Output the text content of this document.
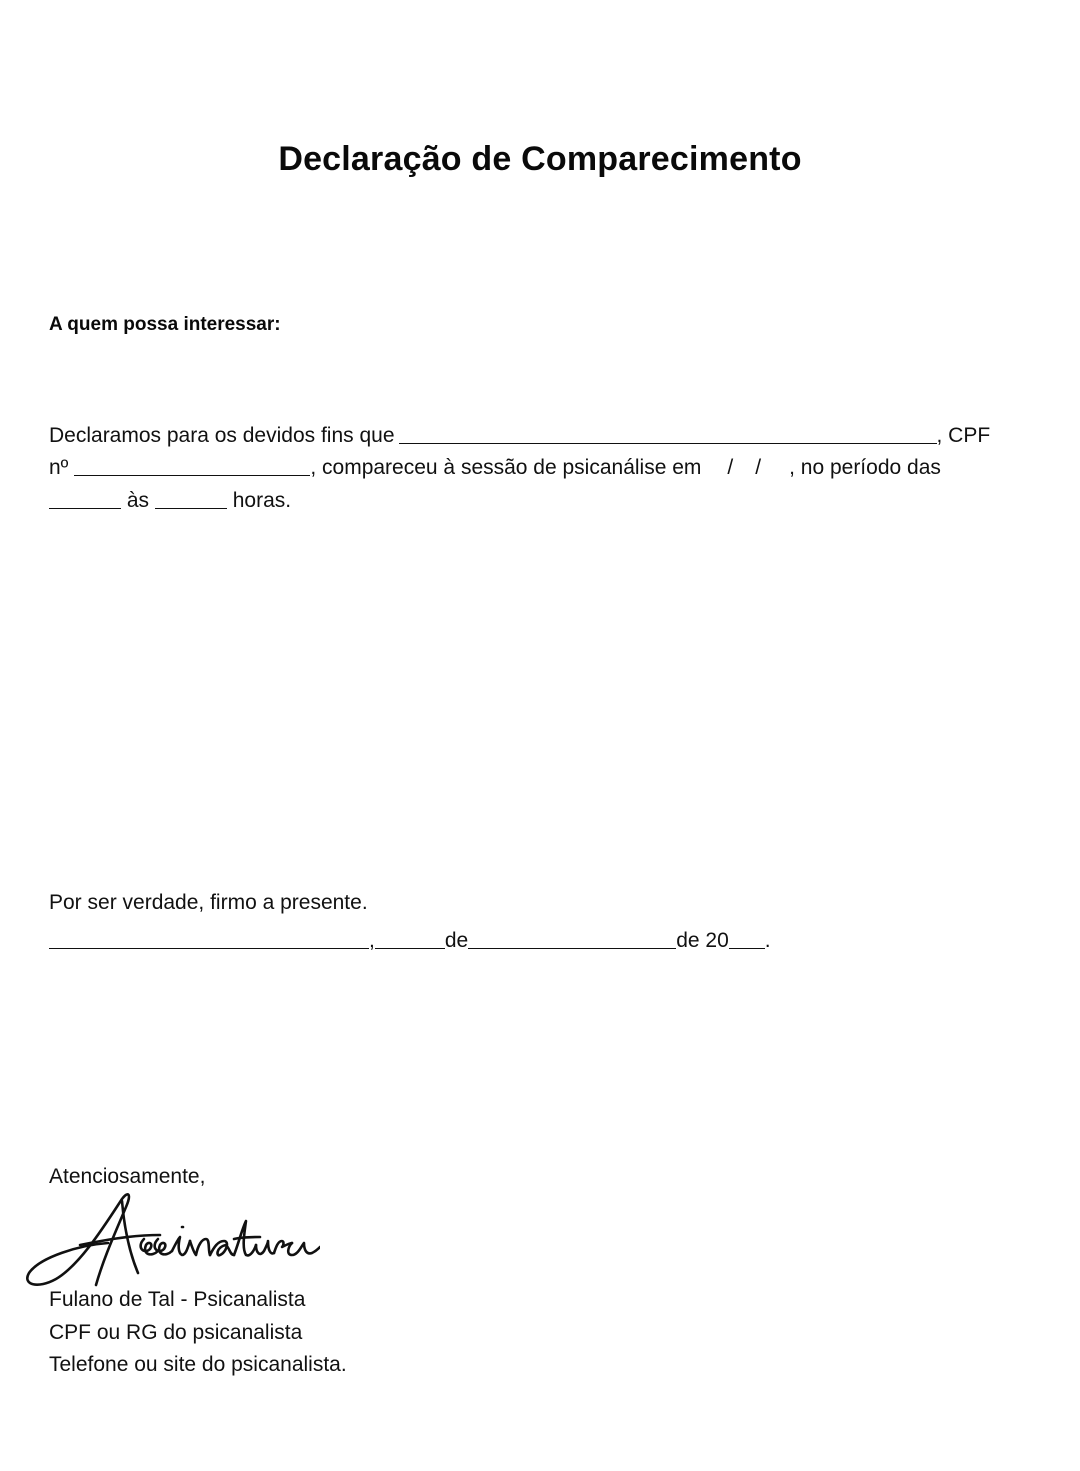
Declaração de Comparecimento
A quem possa interessar:
Declaramos para os devidos fins que	, CPF
nº	, compareceu à sessão de psicanálise em / / , no período das
às	horas.
Por ser verdade, firmo a presente.
,	de	de 20 .
Atenciosamente,
Fulano de Tal - Psicanalista
CPF ou RG do psicanalista
Telefone ou site do psicanalista.
